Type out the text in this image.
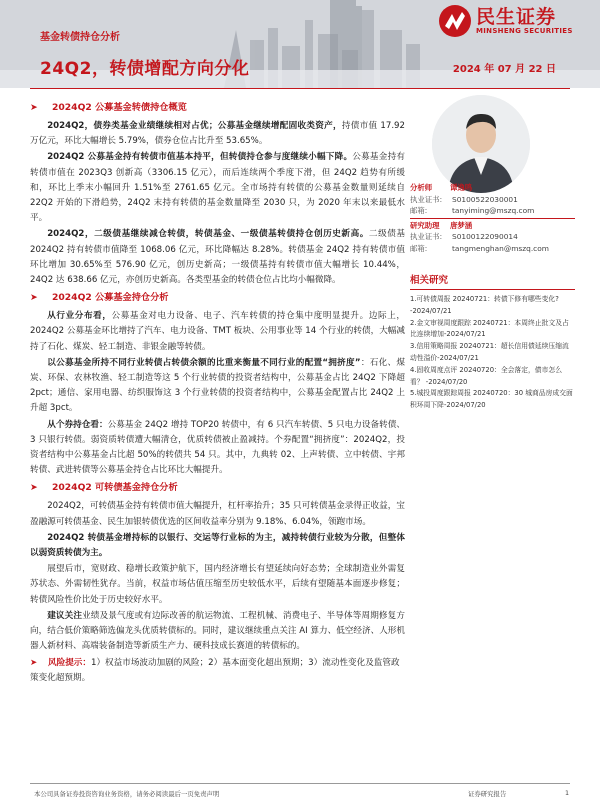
民生证券
MINSHENG SECURITIES
基金转债持仓分析
24Q2，转债增配方向分化	2024 年 07 月 22 日
➤ 2024Q2 公募基金转债持仓概览

2024Q2，债券类基金业绩继续相对占优；公募基金继续增配固收类资产，持债市值 17.92 万亿元，环比大幅增长 5.79%，债券仓位占比升至 53.65%。

2024Q2 公募基金持有转债市值基本持平，但转债持仓参与度继续小幅下降。公募基金持有转债市值在 2023Q3 创新高（3306.15 亿元），而后连续两个季度下滑，但 24Q2 趋势有所缓和，环比上季末小幅回升 1.51%至 2761.65 亿元。全市场持有转债的公募基金数量则延续自 22Q2 开始的下滑趋势，24Q2 末持有转债的基金数量降至 2030 只，为 2020 年末以来最低水平。

2024Q2，二级债基继续减仓转债，转债基金、一级债基转债持仓创历史新高。二级债基 2024Q2 持有转债市值降至 1068.06 亿元，环比降幅达 8.28%。转债基金 24Q2 持有转债市值环比增加 30.65%至 576.90 亿元，创历史新高；一级债基持有转债市值大幅增长 10.44%，24Q2 达 638.66 亿元，亦创历史新高。各类型基金的转债仓位占比均小幅微降。

➤ 2024Q2 公募基金持仓分析

从行业分布看，公募基金对电力设备、电子、汽车转债的持仓集中度明显提升。边际上，2024Q2 公募基金环比增持了汽车、电力设备、TMT 板块、公用事业等 14 个行业的转债，大幅减持了石化、煤炭、轻工制造、非银金融等转债。

以公募基金所持不同行业转债占转债余额的比重来衡量不同行业的配置“拥挤度”：石化、煤炭、环保、农林牧渔、轻工制造等这 5 个行业转债的投资者结构中，公募基金占比 24Q2 下降超 2pct；通信、家用电器、纺织服饰这 3 个行业转债的投资者结构中，公募基金配置占比 24Q2 上升超 3pct。

从个券持仓看：公募基金 24Q2 增持 TOP20 转债中，有 6 只汽车转债、5 只电力设备转债、3 只银行转债。弱资质转债遭大幅清仓，优质转债被止盈减持。个券配置“拥挤度”：2024Q2，投资者结构中公募基金占比超 50%的转债共 54 只。其中，九典转 02、上声转债、立中转债、宇邦转债、武进转债等公募基金持仓占比环比大幅提升。

➤ 2024Q2 可转债基金持仓分析

2024Q2，可转债基金持有转债市值大幅提升，杠杆率抬升；35 只可转债基金录得正收益，宝盈融源可转债基金、民生加银转债优选的区间收益率分别为 9.18%、6.04%，领跑市场。

2024Q2 转债基金增持标的以银行、交运等行业标的为主，减持转债行业较为分散，但整体以弱资质转债为主。

展望后市，宽财政、稳增长政策护航下，国内经济增长有望延续向好态势；全球制造业外需复苏状态、外需韧性犹存。当前，权益市场估值压缩至历史较低水平，后续有望随基本面逐步修复；转债风险性价比处于历史较好水平。

建议关注业绩及景气度或有边际改善的航运物流、工程机械、消费电子、半导体等周期修复方向，结合低价策略筛选偏龙头优质转债标的。同时，建议继续重点关注 AI 算力、低空经济、人形机器人新材料、高端装备制造等新质生产力、硬科技成长赛道的转债标的。

➤ 风险提示：1）权益市场波动加剧的风险；2）基本面变化超出预期；3）流动性变化及监管政策变化超预期。

分析师 谭逸鸣
执业证书: S0100522030001
邮箱:	tanyiming@mszq.com
研究助理 唐梦涵
执业证书: S0100122090014
邮箱:	tangmenghan@mszq.com
相关研究
1.可转债周报 20240721：转债下修有哪些变化? -2024/07/21
2.金文审视周度跟踪 20240721：本周终止批文及占比连续增加-2024/07/21
3.信用策略周报 20240721：超长信用债延续压缩流动性溢价-2024/07/21
4.固收周度点评 20240720：全会落定，债市怎么看？ -2024/07/20
5.城投周度跟踪周报 20240720：30 城商品房成交面积环周下降-2024/07/20
本公司具备证券投资咨询业务资格，请务必阅读最后一页免责声明	证券研究报告	1
